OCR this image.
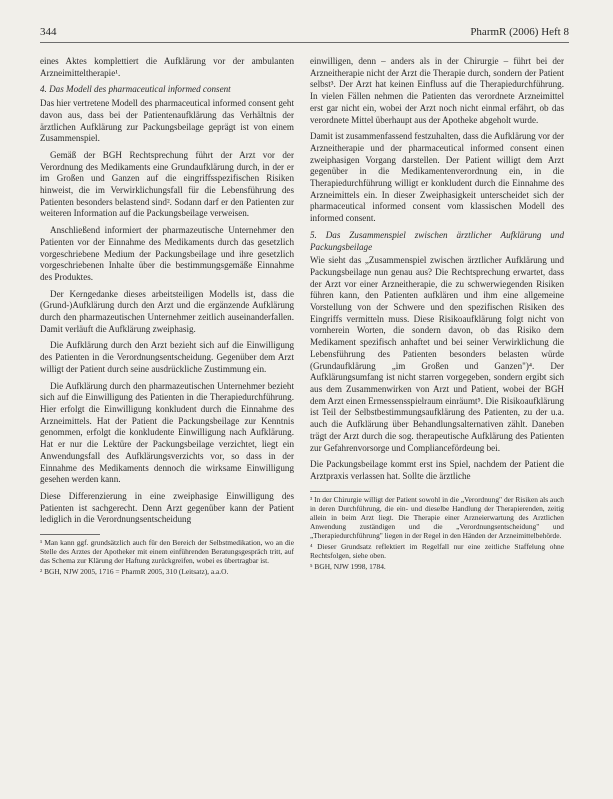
344	PharmR (2006) Heft 8

eines Aktes komplettiert die Aufklärung vor der ambulanten Arzneimitteltherapie¹.

4. Das Modell des pharmaceutical informed consent

Das hier vertretene Modell des pharmaceutical informed consent geht davon aus, dass bei der Patientenaufklärung das Verhältnis der ärztlichen Aufklärung zur Packungsbeilage geprägt ist von einem Zusammenspiel.

Gemäß der BGH Rechtsprechung führt der Arzt vor der Verordnung des Medikaments eine Grundaufklärung durch, in der er im Großen und Ganzen auf die eingriffsspezifischen Risiken hinweist, die im Verwirklichungsfall für die Lebensführung des Patienten besonders belastend sind². Sodann darf er den Patienten zur weiteren Information auf die Packungsbeilage verweisen.

Anschließend informiert der pharmazeutische Unternehmer den Patienten vor der Einnahme des Medikaments durch das gesetzlich vorgeschriebene Medium der Packungsbeilage und ihre gesetzlich vorgeschriebenen Inhalte über die bestimmungsgemäße Einnahme des Produktes.

Der Kerngedanke dieses arbeitsteiligen Modells ist, dass die (Grund-)Aufklärung durch den Arzt und die ergänzende Aufklärung durch den pharmazeutischen Unternehmer zeitlich auseinanderfallen. Damit verläuft die Aufklärung zweiphasig.

Die Aufklärung durch den Arzt bezieht sich auf die Einwilligung des Patienten in die Verordnungsentscheidung. Gegenüber dem Arzt willigt der Patient durch seine ausdrückliche Zustimmung ein.

Die Aufklärung durch den pharmazeutischen Unternehmer bezieht sich auf die Einwilligung des Patienten in die Therapiedurchführung. Hier erfolgt die Einwilligung konkludent durch die Einnahme des Arzneimittels. Hat der Patient die Packungsbeilage zur Kenntnis genommen, erfolgt die konkludente Einwilligung nach Aufklärung. Hat er nur die Lektüre der Packungsbeilage verzichtet, liegt ein Anwendungsfall des Aufklärungsverzichts vor, so dass in der Einnahme des Medikaments dennoch die wirksame Einwilligung gesehen werden kann.

Diese Differenzierung in eine zweiphasige Einwilligung des Patienten ist sachgerecht. Denn Arzt gegenüber kann der Patient lediglich in die Verordnungsentscheidung

¹ Man kann ggf. grundsätzlich auch für den Bereich der Selbstmedikation, wo an die Stelle des Arztes der Apotheker mit einem einführenden Beratungsgespräch tritt, auf das Schema zur Klärung der Haftung zurückgreifen, wobei es übertragbar ist.

² BGH, NJW 2005, 1716 = PharmR 2005, 310 (Leitsatz), a.a.O.

einwilligen, denn – anders als in der Chirurgie – führt bei der Arzneitherapie nicht der Arzt die Therapie durch, sondern der Patient selbst³. Der Arzt hat keinen Einfluss auf die Therapiedurchführung. In vielen Fällen nehmen die Patienten das verordnete Arzneimittel erst gar nicht ein, wobei der Arzt noch nicht einmal erfährt, ob das verordnete Mittel überhaupt aus der Apotheke abgeholt wurde.

Damit ist zusammenfassend festzuhalten, dass die Aufklärung vor der Arzneitherapie und der pharmaceutical informed consent einen zweiphasigen Vorgang darstellen. Der Patient willigt dem Arzt gegenüber in die Medikamentenverordnung ein, in die Therapiedurchführung willigt er konkludent durch die Einnahme des Arzneimittels ein. In dieser Zweiphasigkeit unterscheidet sich der pharmaceutical informed consent vom klassischen Modell des informed consent.

5. Das Zusammenspiel zwischen ärztlicher Aufklärung und Packungsbeilage

Wie sieht das „Zusammenspiel zwischen ärztlicher Aufklärung und Packungsbeilage nun genau aus? Die Rechtsprechung erwartet, dass der Arzt vor einer Arzneitherapie, die zu schwerwiegenden Risiken führen kann, den Patienten aufklären und ihm eine allgemeine Vorstellung von der Schwere und den spezifischen Risiken des Eingriffs vermitteln muss. Diese Risikoaufklärung folgt nicht von vornherein Worten, die sondern davon, ob das Risiko dem Medikament spezifisch anhaftet und bei seiner Verwirklichung die Lebensführung des Patienten besonders belasten würde (Grundaufklärung „im Großen und Ganzen")⁴. Der Aufklärungsumfang ist nicht starren vorgegeben, sondern ergibt sich aus dem Zusammenwirken von Arzt und Patient, wobei der BGH dem Arzt einen Ermessensspielraum einräumt⁵. Die Risikoaufklärung ist Teil der Selbstbestimmungsaufklärung des Patienten, zu der u.a. auch die Aufklärung über Behandlungsalternativen zählt. Daneben trägt der Arzt durch die sog. therapeutische Aufklärung des Patienten zur Gefahrenvorsorge und Compliancefördeung bei.

Die Packungsbeilage kommt erst ins Spiel, nachdem der Patient die Arztpraxis verlassen hat. Sollte die ärztliche

³ In der Chirurgie willigt der Patient sowohl in die „Verordnung" der Risiken als auch in deren Durchführung, die ein- und dieselbe Handlung der Therapierenden, zeitig allein in beim Arzt liegt. Die Therapie einer Arzneierwartung des Arztlichen Anwendung zuständigen und die „Verordnungsentscheidung" und „Therapiedurchführung" liegen in der Regel in den Händen der Arzneimittelbehörde.

⁴ Dieser Grundsatz reflektiert im Regelfall nur eine zeitliche Staffelung ohne Rechtsfolgen, siehe oben.

⁵ BGH, NJW 1998, 1784.
